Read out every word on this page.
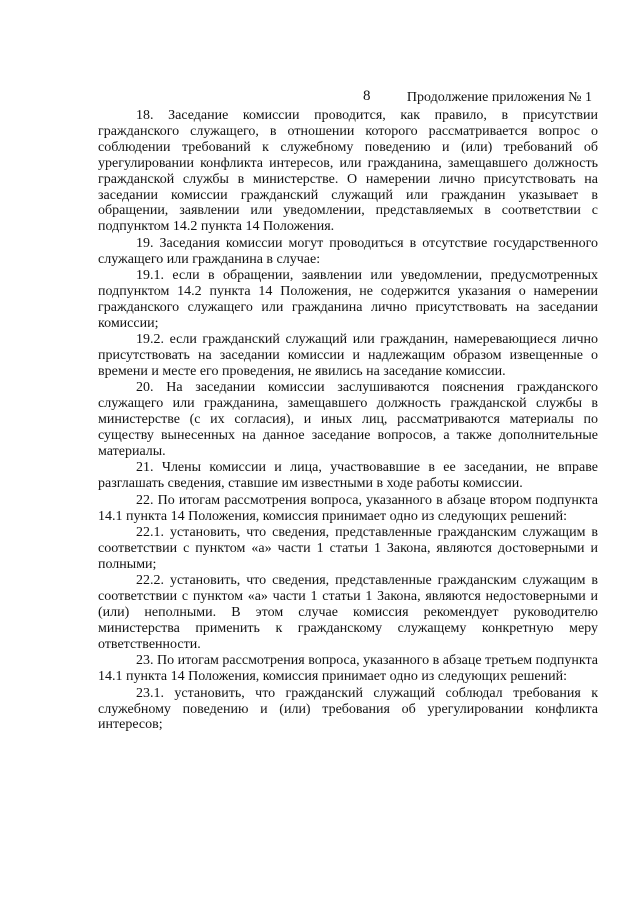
8	Продолжение приложения № 1

18. Заседание комиссии проводится, как правило, в присутствии гражданского служащего, в отношении которого рассматривается вопрос о соблюдении требований к служебному поведению и (или) требований об урегулировании конфликта интересов, или гражданина, замещавшего должность гражданской службы в министерстве. О намерении лично присутствовать на заседании комиссии гражданский служащий или гражданин указывает в обращении, заявлении или уведомлении, представляемых в соответствии с подпунктом 14.2 пункта 14 Положения.

19. Заседания комиссии могут проводиться в отсутствие государственного служащего или гражданина в случае:

19.1. если в обращении, заявлении или уведомлении, предусмотренных подпунктом 14.2 пункта 14 Положения, не содержится указания о намерении гражданского служащего или гражданина лично присутствовать на заседании комиссии;

19.2. если гражданский служащий или гражданин, намеревающиеся лично присутствовать на заседании комиссии и надлежащим образом извещенные о времени и месте его проведения, не явились на заседание комиссии.

20. На заседании комиссии заслушиваются пояснения гражданского служащего или гражданина, замещавшего должность гражданской службы в министерстве (с их согласия), и иных лиц, рассматриваются материалы по существу вынесенных на данное заседание вопросов, а также дополнительные материалы.

21. Члены комиссии и лица, участвовавшие в ее заседании, не вправе разглашать сведения, ставшие им известными в ходе работы комиссии.

22. По итогам рассмотрения вопроса, указанного в абзаце втором подпункта 14.1 пункта 14 Положения, комиссия принимает одно из следующих решений:

22.1. установить, что сведения, представленные гражданским служащим в соответствии с пунктом «а» части 1 статьи 1 Закона, являются достоверными и полными;

22.2. установить, что сведения, представленные гражданским служащим в соответствии с пунктом «а» части 1 статьи 1 Закона, являются недостоверными и (или) неполными. В этом случае комиссия рекомендует руководителю министерства применить к гражданскому служащему конкретную меру ответственности.

23. По итогам рассмотрения вопроса, указанного в абзаце третьем подпункта 14.1 пункта 14 Положения, комиссия принимает одно из следующих решений:

23.1. установить, что гражданский служащий соблюдал требования к служебному поведению и (или) требования об урегулировании конфликта интересов;
